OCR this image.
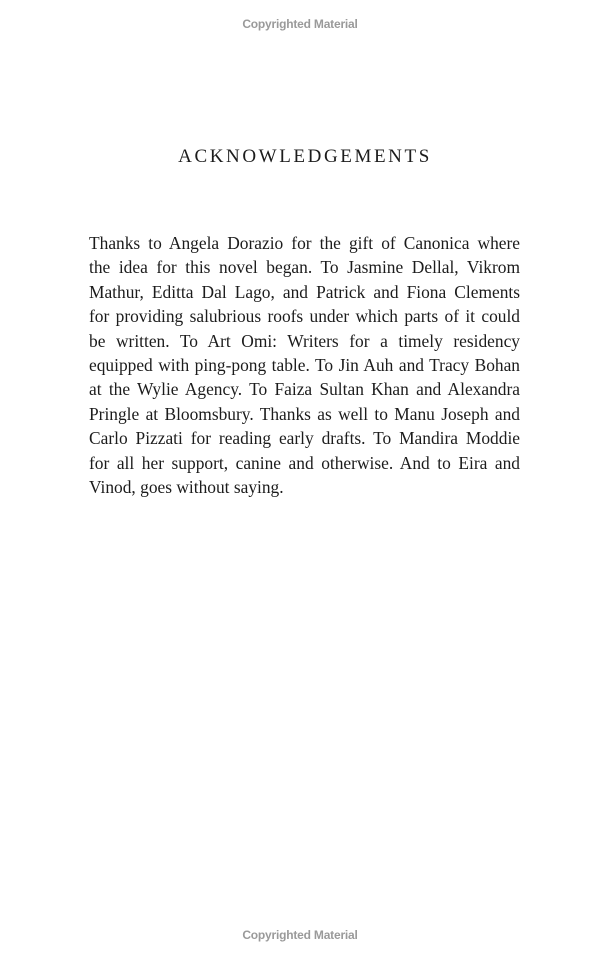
Copyrighted Material
ACKNOWLEDGEMENTS
Thanks to Angela Dorazio for the gift of Canonica where
the idea for this novel began. To Jasmine Dellal, Vikrom
Mathur, Editta Dal Lago, and Patrick and Fiona Clements
for providing salubrious roofs under which parts of it could
be written. To Art Omi: Writers for a timely residency
equipped with ping-pong table. To Jin Auh and Tracy Bohan
at the Wylie Agency. To Faiza Sultan Khan and Alexandra
Pringle at Bloomsbury. Thanks as well to Manu Joseph and
Carlo Pizzati for reading early drafts. To Mandira Moddie
for all her support, canine and otherwise. And to Eira and
Vinod, goes without saying.
Copyrighted Material
